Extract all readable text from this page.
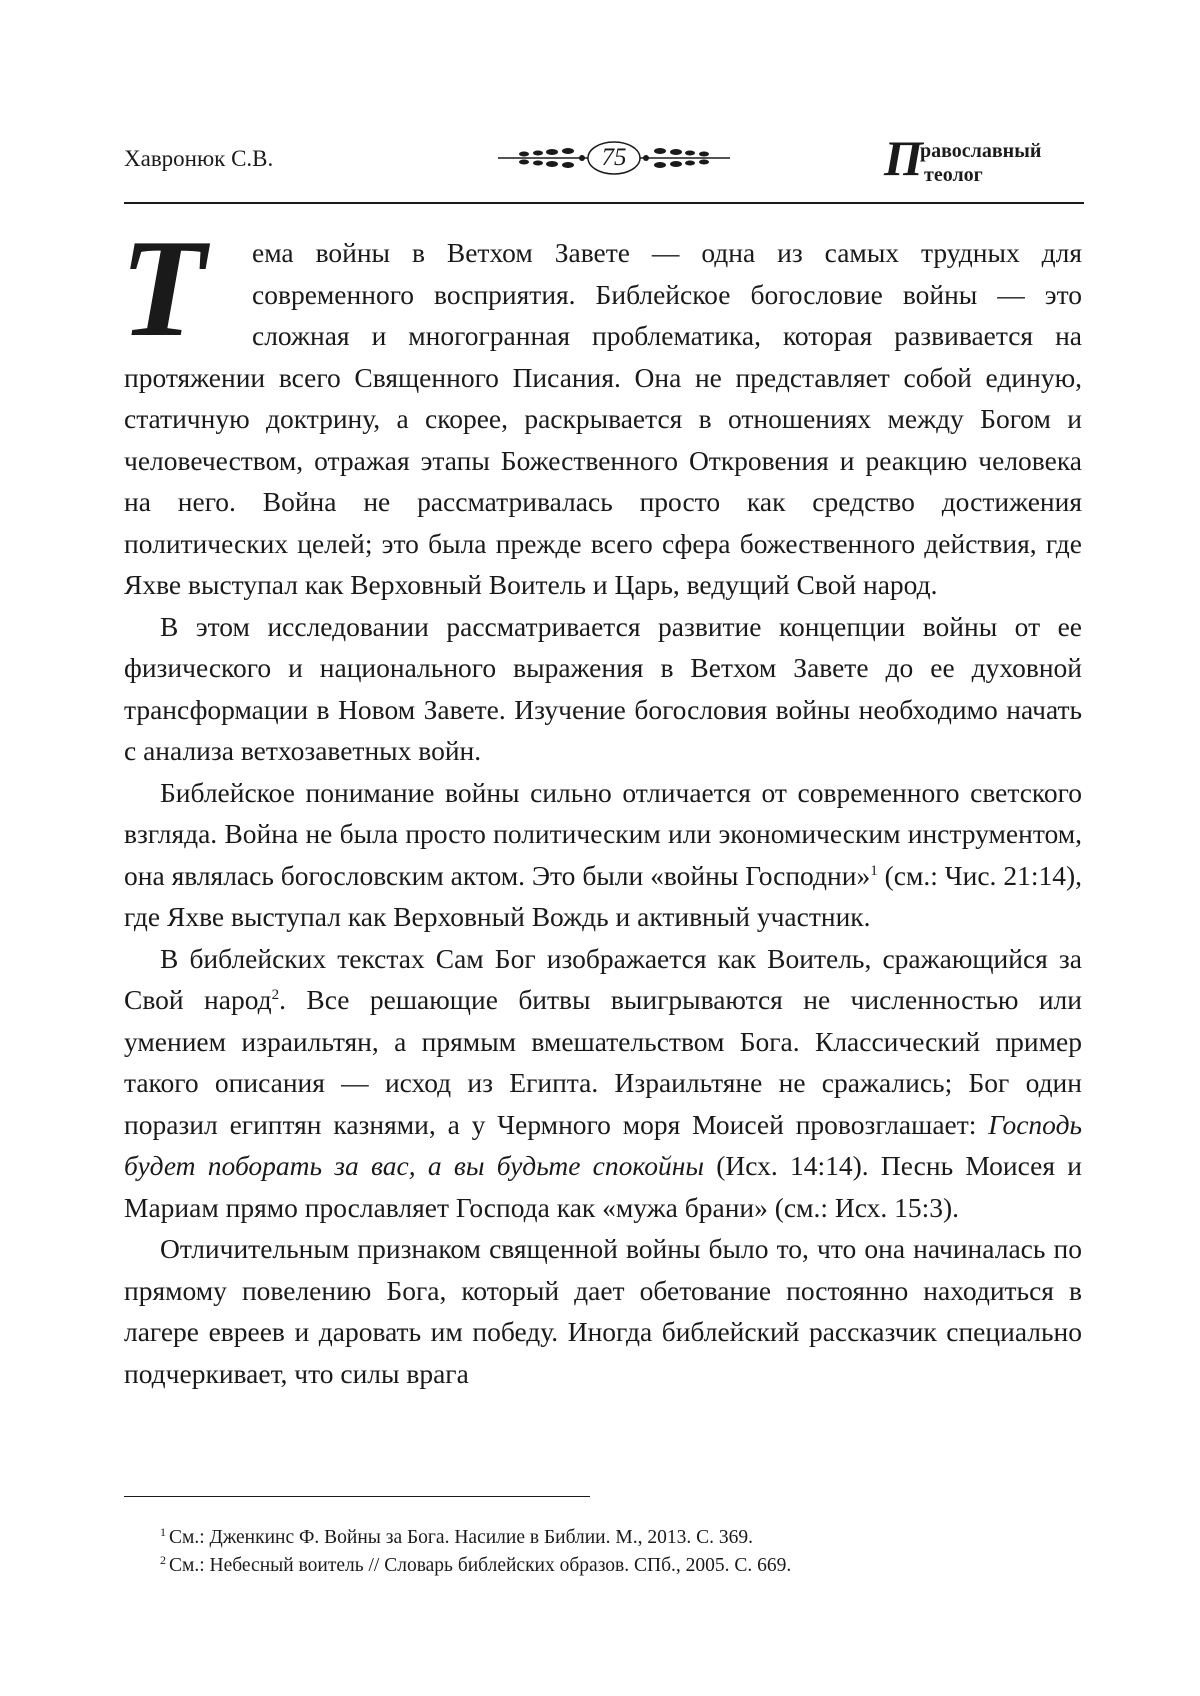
Хавронюк С.В.	75	П
равославный
теолог

Т	ема войны в Ветхом Завете — одна из самых трудных для современного восприятия. Библейское богословие войны — это сложная и многогранная проблематика, которая развивается на протяжении всего Священного Писания. Она не представляет собой единую, статичную доктрину, а скорее, раскрывается в отношениях между Богом и человечеством, отражая этапы Божественного Откровения и реакцию человека на него. Война не рассматривалась просто как средство достижения политических целей; это была прежде всего сфера божественного действия, где Яхве выступал как Верховный Воитель и Царь, ведущий Свой народ.

В этом исследовании рассматривается развитие концепции войны от ее физического и национального выражения в Ветхом Завете до ее духовной трансформации в Новом Завете. Изучение богословия войны необходимо начать с анализа ветхозаветных войн.

Библейское понимание войны сильно отличается от современного светского взгляда. Война не была просто политическим или экономическим инструментом, она являлась богословским актом. Это были «войны Господни»$^1$ (см.: Чис. 21:14), где Яхве выступал как Верховный Вождь и активный участник.

В библейских текстах Сам Бог изображается как Воитель, сражающийся за Свой народ$^2$. Все решающие битвы выигрываются не численностью или умением израильтян, а прямым вмешательством Бога. Классический пример такого описания — исход из Египта. Израильтяне не сражались; Бог один поразил египтян казнями, а у Чермного моря Моисей провозглашает: Господь будет поборать за вас, а вы будьте спокойны (Исх. 14:14). Песнь Моисея и Мариам прямо прославляет Господа как «мужа брани» (см.: Исх. 15:3).

Отличительным признаком священной войны было то, что она начиналась по прямому повелению Бога, который дает обетование постоянно находиться в лагере евреев и даровать им победу. Иногда библейский рассказчик специально подчеркивает, что силы врага

$^1$ См.: Дженкинс Ф. Войны за Бога. Насилие в Библии. М., 2013. С. 369.
$^2$ См.: Небесный воитель // Словарь библейских образов. СПб., 2005. С. 669.
